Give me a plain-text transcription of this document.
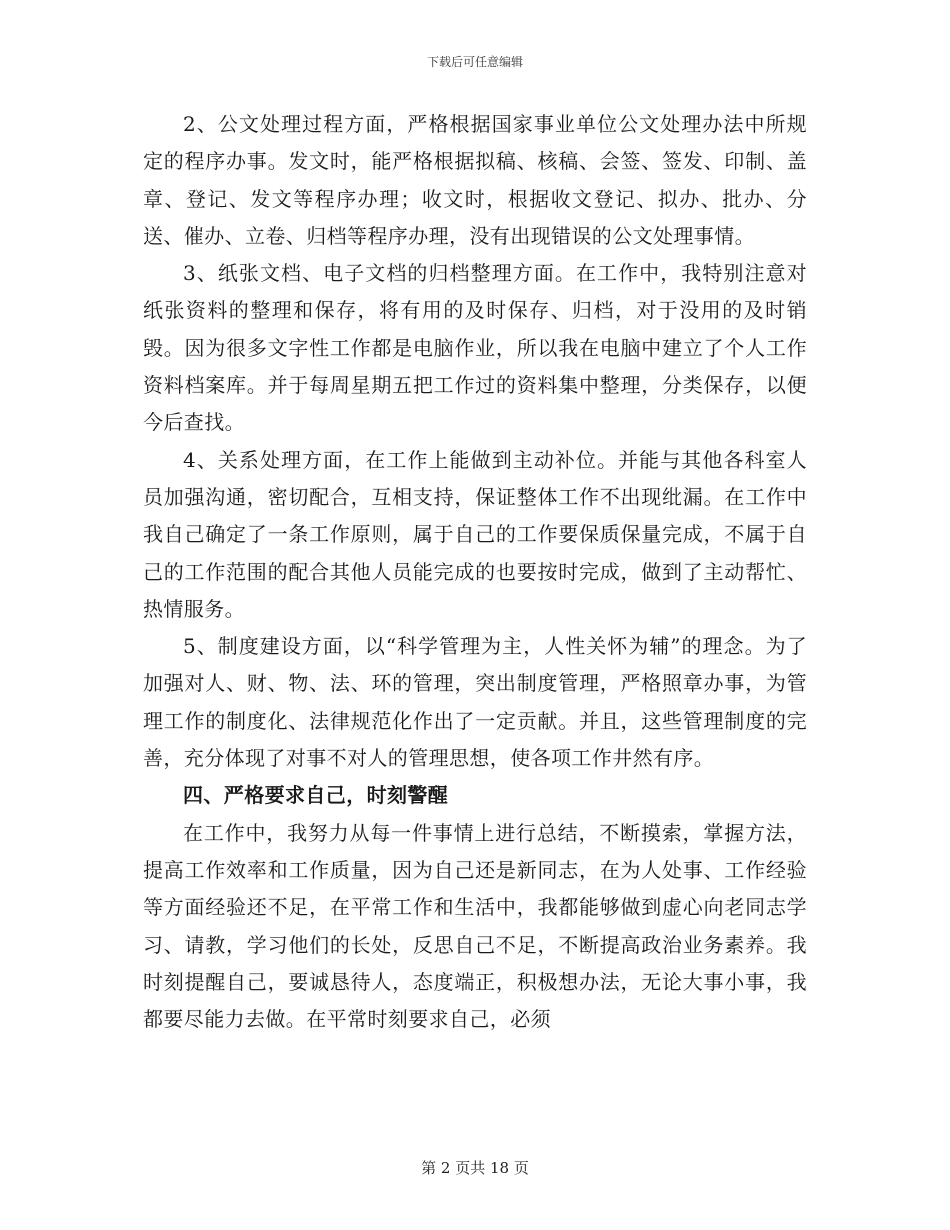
下载后可任意编辑

2、公文处理过程方面，严格根据国家事业单位公文处理办法中所规定的程序办事。发文时，能严格根据拟稿、核稿、会签、签发、印制、盖章、登记、发文等程序办理；收文时，根据收文登记、拟办、批办、分送、催办、立卷、归档等程序办理，没有出现错误的公文处理事情。

3、纸张文档、电子文档的归档整理方面。在工作中，我特别注意对纸张资料的整理和保存，将有用的及时保存、归档，对于没用的及时销毁。因为很多文字性工作都是电脑作业，所以我在电脑中建立了个人工作资料档案库。并于每周星期五把工作过的资料集中整理，分类保存，以便今后查找。

4、关系处理方面，在工作上能做到主动补位。并能与其他各科室人员加强沟通，密切配合，互相支持，保证整体工作不出现纰漏。在工作中我自己确定了一条工作原则，属于自己的工作要保质保量完成，不属于自己的工作范围的配合其他人员能完成的也要按时完成，做到了主动帮忙、热情服务。

5、制度建设方面，以“科学管理为主，人性关怀为辅”的理念。为了加强对人、财、物、法、环的管理，突出制度管理，严格照章办事，为管理工作的制度化、法律规范化作出了一定贡献。并且，这些管理制度的完善，充分体现了对事不对人的管理思想，使各项工作井然有序。

四、严格要求自己，时刻警醒

在工作中，我努力从每一件事情上进行总结，不断摸索，掌握方法，提高工作效率和工作质量，因为自己还是新同志，在为人处事、工作经验等方面经验还不足，在平常工作和生活中，我都能够做到虚心向老同志学习、请教，学习他们的长处，反思自己不足，不断提高政治业务素养。我时刻提醒自己，要诚恳待人，态度端正，积极想办法，无论大事小事，我都要尽能力去做。在平常时刻要求自己，必须

第 2 页共 18 页
